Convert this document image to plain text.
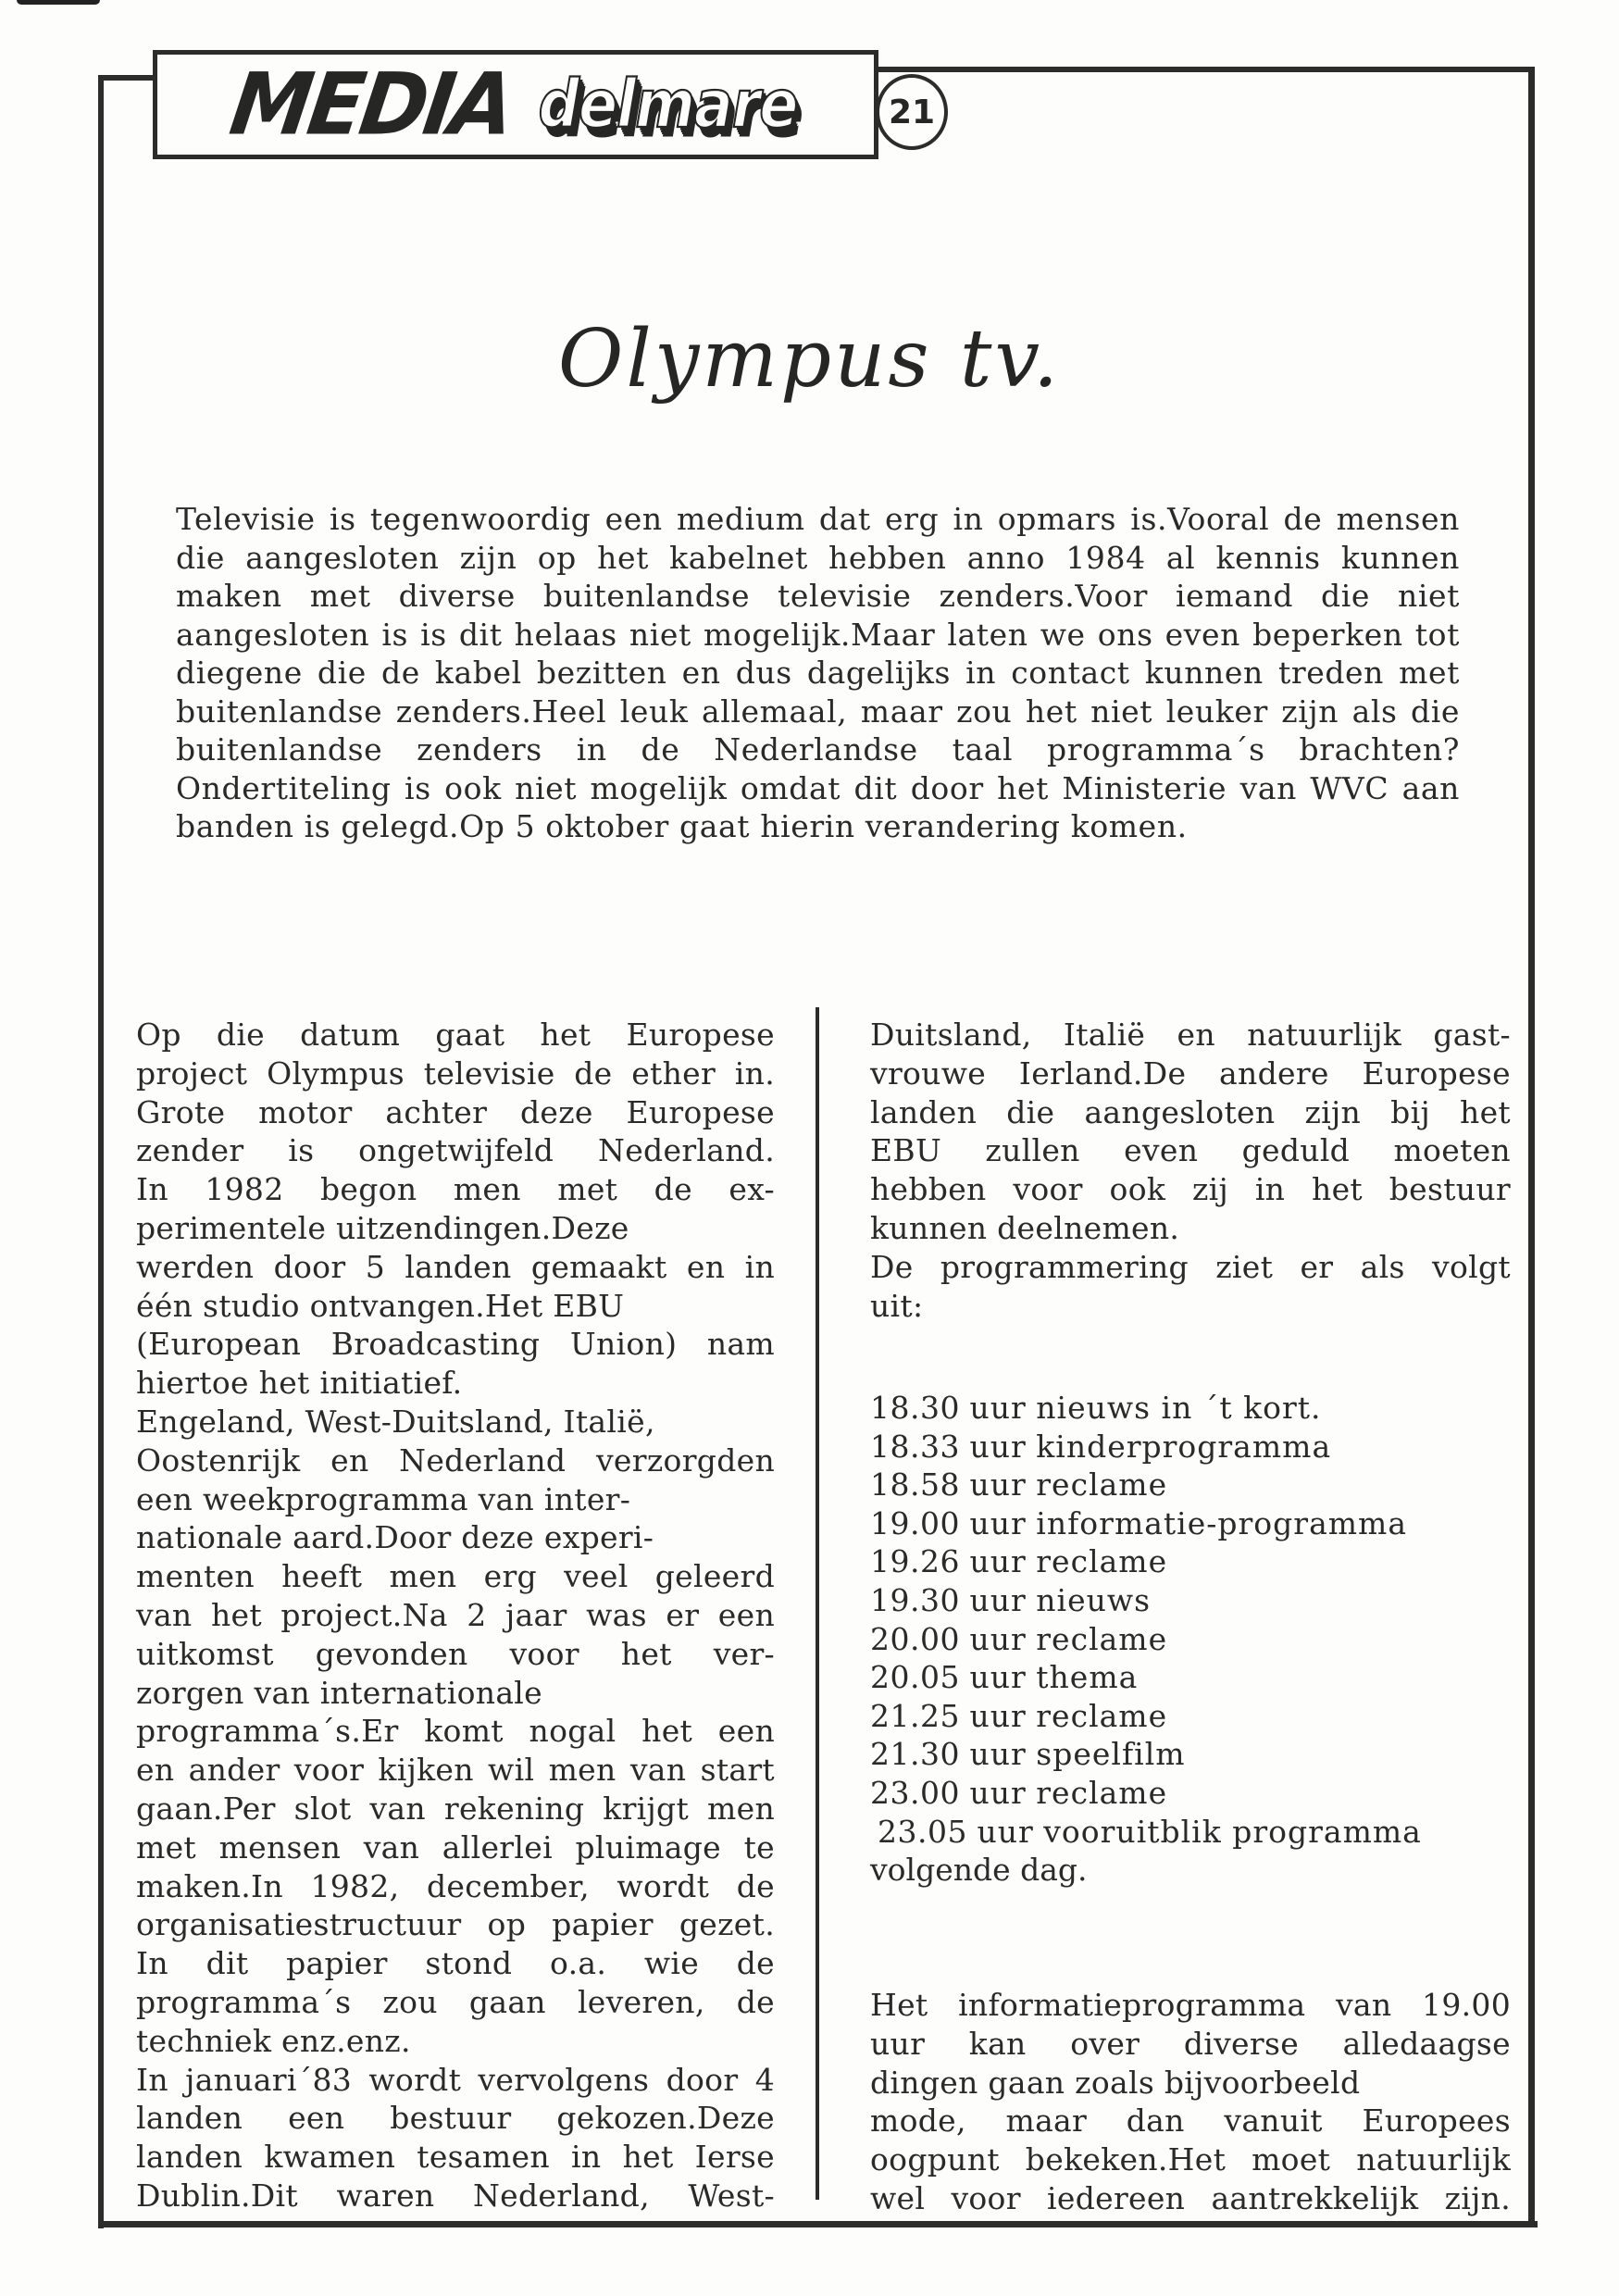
MEDIA delmare	21
Olympus tv.

Televisie is tegenwoordig een medium dat erg in opmars is.Vooral de mensen die aangesloten zijn op het kabelnet hebben anno 1984 al kennis kunnen maken met diverse buitenlandse televisie zenders.Voor iemand die niet aangesloten is is dit helaas niet mogelijk.Maar laten we ons even beperken tot diegene die de kabel bezitten en dus dagelijks in contact kunnen treden met buitenlandse zenders.Heel leuk allemaal, maar zou het niet leuker zijn als die buitenlandse zenders in de Nederlandse taal programma´s brachten? Ondertiteling is ook niet mogelijk omdat dit door het Ministerie van WVC aan banden is gelegd.Op 5 oktober gaat hierin verandering komen.

Op die datum gaat het Europese
project Olympus televisie de ether in.
Grote motor achter deze Europese
zender is ongetwijfeld Nederland.
In 1982 begon men met de ex-
perimentele uitzendingen.Deze
werden door 5 landen gemaakt en in
één studio ontvangen.Het EBU
(European Broadcasting Union) nam
hiertoe het initiatief.
Engeland, West-Duitsland, Italië,
Oostenrijk en Nederland verzorgden
een weekprogramma van inter-
nationale aard.Door deze experi-
menten heeft men erg veel geleerd
van het project.Na 2 jaar was er een
uitkomst gevonden voor het ver-
zorgen van internationale
programma´s.Er komt nogal het een
en ander voor kijken wil men van start
gaan.Per slot van rekening krijgt men
met mensen van allerlei pluimage te
maken.In 1982, december, wordt de
organisatiestructuur op papier gezet.
In dit papier stond o.a. wie de
programma´s zou gaan leveren, de
techniek enz.enz.
In januari´83 wordt vervolgens door 4
landen een bestuur gekozen.Deze
landen kwamen tesamen in het Ierse
Dublin.Dit waren Nederland, West-
Duitsland, Italië en natuurlijk gast-
vrouwe Ierland.De andere Europese
landen die aangesloten zijn bij het
EBU zullen even geduld moeten
hebben voor ook zij in het bestuur
kunnen deelnemen.
De programmering ziet er als volgt
uit:
18.30 uur nieuws in ´t kort.
18.33 uur kinderprogramma
18.58 uur reclame
19.00 uur informatie-programma
19.26 uur reclame
19.30 uur nieuws
20.00 uur reclame
20.05 uur thema
21.25 uur reclame
21.30 uur speelfilm
23.00 uur reclame
23.05 uur vooruitblik programma
volgende dag.
Het informatieprogramma van 19.00
uur kan over diverse alledaagse
dingen gaan zoals bijvoorbeeld
mode, maar dan vanuit Europees
oogpunt bekeken.Het moet natuurlijk
wel voor iedereen aantrekkelijk zijn.
